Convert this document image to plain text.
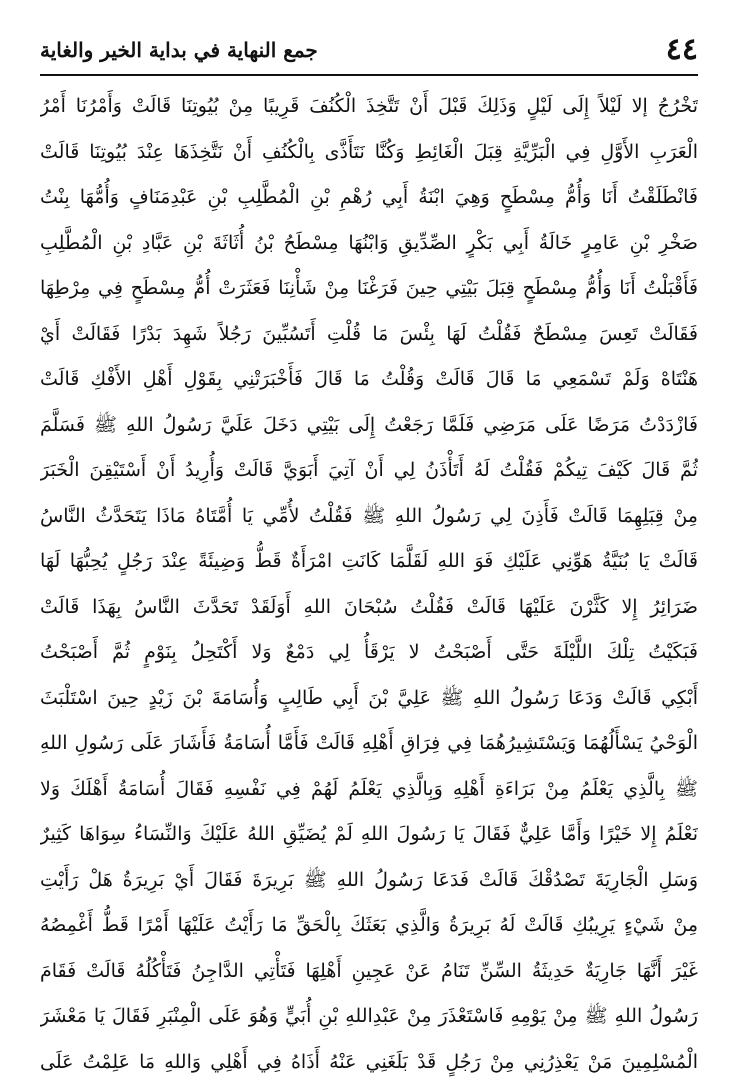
٤٤
جمع النهاية في بداية الخير والغاية
تَخْرُجُ إلا لَيْلاً إِلَى لَيْلٍ وَذَلِكَ قَبْلَ أَنْ تَتَّخِذَ الْكُنُفَ قَرِيبًا مِنْ بُيُوتِنَا قَالَتْ وَأَمْرُنَا أَمْرُ
الْعَرَبِ الأَوَّلِ فِي الْبَرِّيَّةِ قِبَلَ الْغَائِطِ وَكُنَّا نَتَأَذَّى بِالْكُنُفِ أَنْ نَتَّخِذَهَا عِنْدَ بُيُوتِنَا قَالَتْ
فَانْطَلَقْتُ أَنَا وَأُمُّ مِسْطَحٍ وَهِيَ ابْنَةُ أَبِي رُهْمِ بْنِ الْمُطَّلِبِ بْنِ عَبْدِمَنَافٍ وَأُمُّهَا بِنْتُ
صَخْرِ بْنِ عَامِرٍ خَالَةُ أَبِي بَكْرٍ الصِّدِّيقِ وَابْنُهَا مِسْطَحُ بْنُ أُثَاثَةَ بْنِ عَبَّادِ بْنِ الْمُطَّلِبِ
فَأَقْبَلْتُ أَنَا وَأُمُّ مِسْطَحٍ قِبَلَ بَيْتِي حِينَ فَرَغْنَا مِنْ شَأْنِنَا فَعَثَرَتْ أُمُّ مِسْطَحٍ فِي مِرْطِهَا
فَقَالَتْ تَعِسَ مِسْطَحٌ فَقُلْتُ لَهَا بِئْسَ مَا قُلْتِ أَتَسُبِّينَ رَجُلاً شَهِدَ بَدْرًا فَقَالَتْ أَيْ
هَنْتَاهْ وَلَمْ تَسْمَعِي مَا قَالَ قَالَتْ وَقُلْتُ مَا قَالَ فَأَخْبَرَتْنِي بِقَوْلِ أَهْلِ الأَفْكِ قَالَتْ
فَازْدَدْتُ مَرَضًا عَلَى مَرَضِي فَلَمَّا رَجَعْتُ إِلَى بَيْتِي دَخَلَ عَلَيَّ رَسُولُ اللهِ ﷺ فَسَلَّمَ
ثُمَّ قَالَ كَيْفَ تِيكُمْ فَقُلْتُ لَهُ أَتَأْذَنُ لِي أَنْ آتِيَ أَبَوَيَّ قَالَتْ وَأُرِيدُ أَنْ أَسْتَيْقِنَ الْخَبَرَ
مِنْ قِبَلِهِمَا قَالَتْ فَأَذِنَ لِي رَسُولُ اللهِ ﷺ فَقُلْتُ لأُمِّي يَا أُمَّتَاهُ مَاذَا يَتَحَدَّثُ النَّاسُ
قَالَتْ يَا بُنَيَّةُ هَوِّنِي عَلَيْكِ فَوَ اللهِ لَقَلَّمَا كَانَتِ امْرَأَةٌ قَطُّ وَضِيئَةً عِنْدَ رَجُلٍ يُحِبُّهَا لَهَا
ضَرَائِرُ إِلا كَثَّرْنَ عَلَيْهَا قَالَتْ فَقُلْتُ سُبْحَانَ اللهِ أَوَلَقَدْ تَحَدَّثَ النَّاسُ بِهَذَا قَالَتْ
فَبَكَيْتُ تِلْكَ اللَّيْلَةَ حَتَّى أَصْبَحْتُ لا يَرْقَأُ لِي دَمْعٌ وَلا أَكْتَحِلُ بِنَوْمٍ ثُمَّ أَصْبَحْتُ
أَبْكِي قَالَتْ وَدَعَا رَسُولُ اللهِ ﷺ عَلِيَّ بْنَ أَبِي طَالِبٍ وَأُسَامَةَ بْنَ زَيْدٍ حِينَ اسْتَلْبَثَ
الْوَحْيُ يَسْأَلُهُمَا وَيَسْتَشِيرُهُمَا فِي فِرَاقِ أَهْلِهِ قَالَتْ فَأَمَّا أُسَامَةُ فَأَشَارَ عَلَى رَسُولِ اللهِ
ﷺ بِالَّذِي يَعْلَمُ مِنْ بَرَاءَةِ أَهْلِهِ وَبِالَّذِي يَعْلَمُ لَهُمْ فِي نَفْسِهِ فَقَالَ أُسَامَةُ أَهْلَكَ وَلا
نَعْلَمُ إِلا خَيْرًا وَأَمَّا عَلِيٌّ فَقَالَ يَا رَسُولَ اللهِ لَمْ يُضَيِّقِ اللهُ عَلَيْكَ وَالنِّسَاءُ سِوَاهَا كَثِيرٌ
وَسَلِ الْجَارِيَةَ تَصْدُقْكَ قَالَتْ فَدَعَا رَسُولُ اللهِ ﷺ بَرِيرَةَ فَقَالَ أَيْ بَرِيرَةُ هَلْ رَأَيْتِ
مِنْ شَيْءٍ يَرِيبُكِ قَالَتْ لَهُ بَرِيرَةُ وَالَّذِي بَعَثَكَ بِالْحَقِّ مَا رَأَيْتُ عَلَيْهَا أَمْرًا قَطُّ أَغْمِصُهُ
غَيْرَ أَنَّهَا جَارِيَةٌ حَدِيثَةُ السِّنِّ تَنَامُ عَنْ عَجِينِ أَهْلِهَا فَتَأْتِي الدَّاجِنُ فَتَأْكُلُهُ قَالَتْ فَقَامَ
رَسُولُ اللهِ ﷺ مِنْ يَوْمِهِ فَاسْتَعْذَرَ مِنْ عَبْدِاللهِ بْنِ أُبَيٍّ وَهُوَ عَلَى الْمِنْبَرِ فَقَالَ يَا مَعْشَرَ
الْمُسْلِمِينَ مَنْ يَعْذِرُنِي مِنْ رَجُلٍ قَدْ بَلَغَنِي عَنْهُ أَذَاهُ فِي أَهْلِي وَاللهِ مَا عَلِمْتُ عَلَى
